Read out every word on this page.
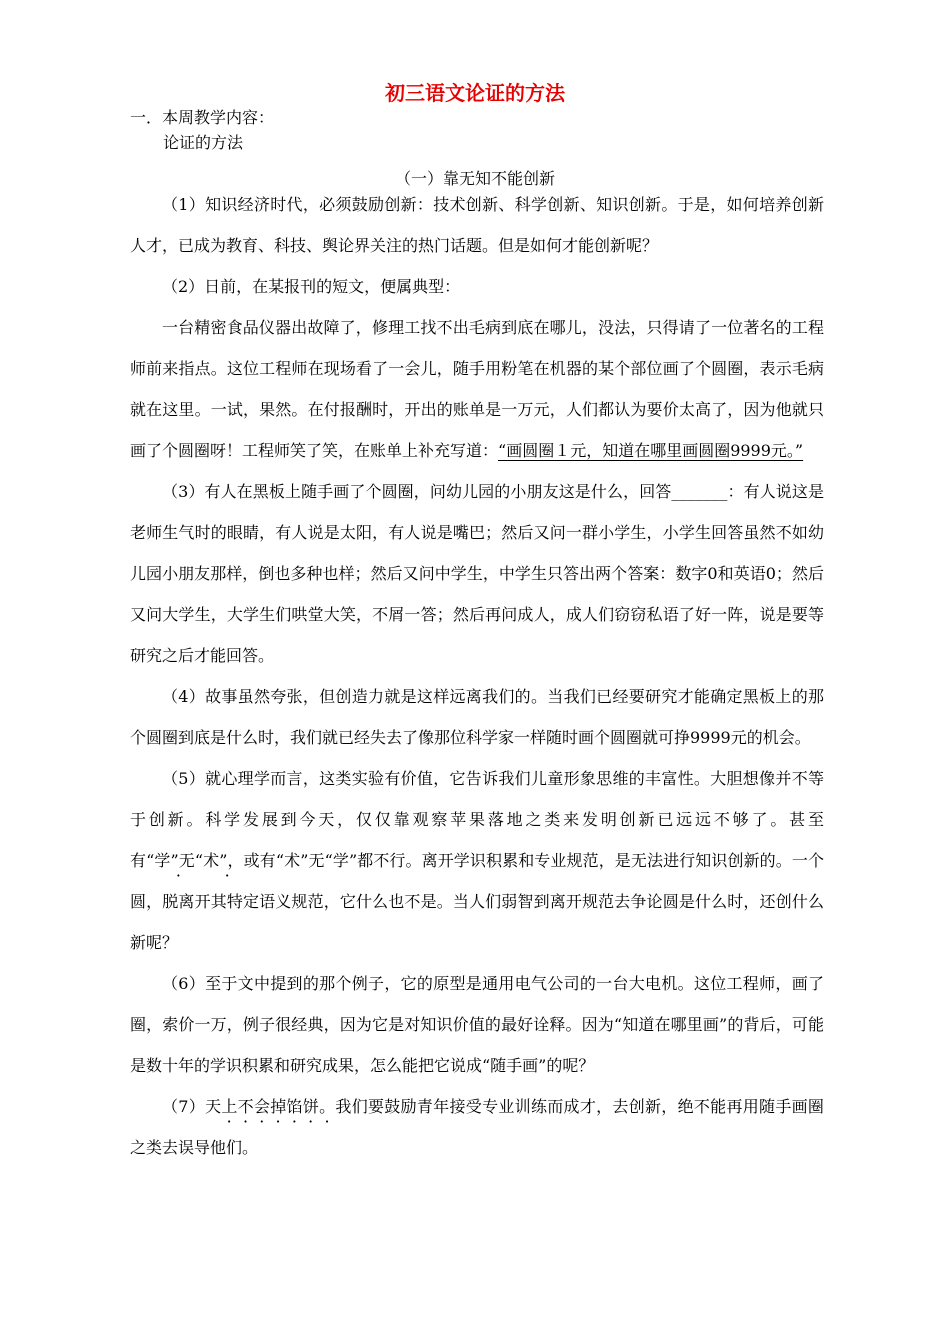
初三语文论证的方法
一．本周教学内容：
论证的方法
（一）靠无知不能创新

（1）知识经济时代，必须鼓励创新：技术创新、科学创新、知识创新。于是，如何培养创新人才，已成为教育、科技、舆论界关注的热门话题。但是如何才能创新呢？

（2）日前，在某报刊的短文，便属典型：

一台精密食品仪器出故障了，修理工找不出毛病到底在哪儿，没法，只得请了一位著名的工程师前来指点。这位工程师在现场看了一会儿，随手用粉笔在机器的某个部位画了个圆圈，表示毛病就在这里。一试，果然。在付报酬时，开出的账单是一万元，人们都认为要价太高了，因为他就只画了个圆圈呀！工程师笑了笑，在账单上补充写道：“画圆圈１元，知道在哪里画圆圈9999元。”

（3）有人在黑板上随手画了个圆圈，问幼儿园的小朋友这是什么，回答_______：有人说这是老师生气时的眼睛，有人说是太阳，有人说是嘴巴；然后又问一群小学生，小学生回答虽然不如幼儿园小朋友那样，倒也多种也样；然后又问中学生，中学生只答出两个答案：数字0和英语0；然后又问大学生，大学生们哄堂大笑，不屑一答；然后再问成人，成人们窃窃私语了好一阵，说是要等研究之后才能回答。

（4）故事虽然夸张，但创造力就是这样远离我们的。当我们已经要研究才能确定黑板上的那个圆圈到底是什么时，我们就已经失去了像那位科学家一样随时画个圆圈就可挣9999元的机会。

（5）就心理学而言，这类实验有价值，它告诉我们儿童形象思维的丰富性。大胆想像并不等于创新。科学发展到今天，仅仅靠观察苹果落地之类来发明创新已远远不够了。甚至有“学”无“术”，或有“术”无“学”都不行。离开学识积累和专业规范，是无法进行知识创新的。一个圆，脱离开其特定语义规范，它什么也不是。当人们弱智到离开规范去争论圆是什么时，还创什么新呢？

（6）至于文中提到的那个例子，它的原型是通用电气公司的一台大电机。这位工程师，画了圈，索价一万，例子很经典，因为它是对知识价值的最好诠释。因为“知道在哪里画”的背后，可能是数十年的学识积累和研究成果，怎么能把它说成“随手画”的呢？

（7）天上不会掉馅饼。我们要鼓励青年接受专业训练而成才，去创新，绝不能再用随手画圈之类去误导他们。
